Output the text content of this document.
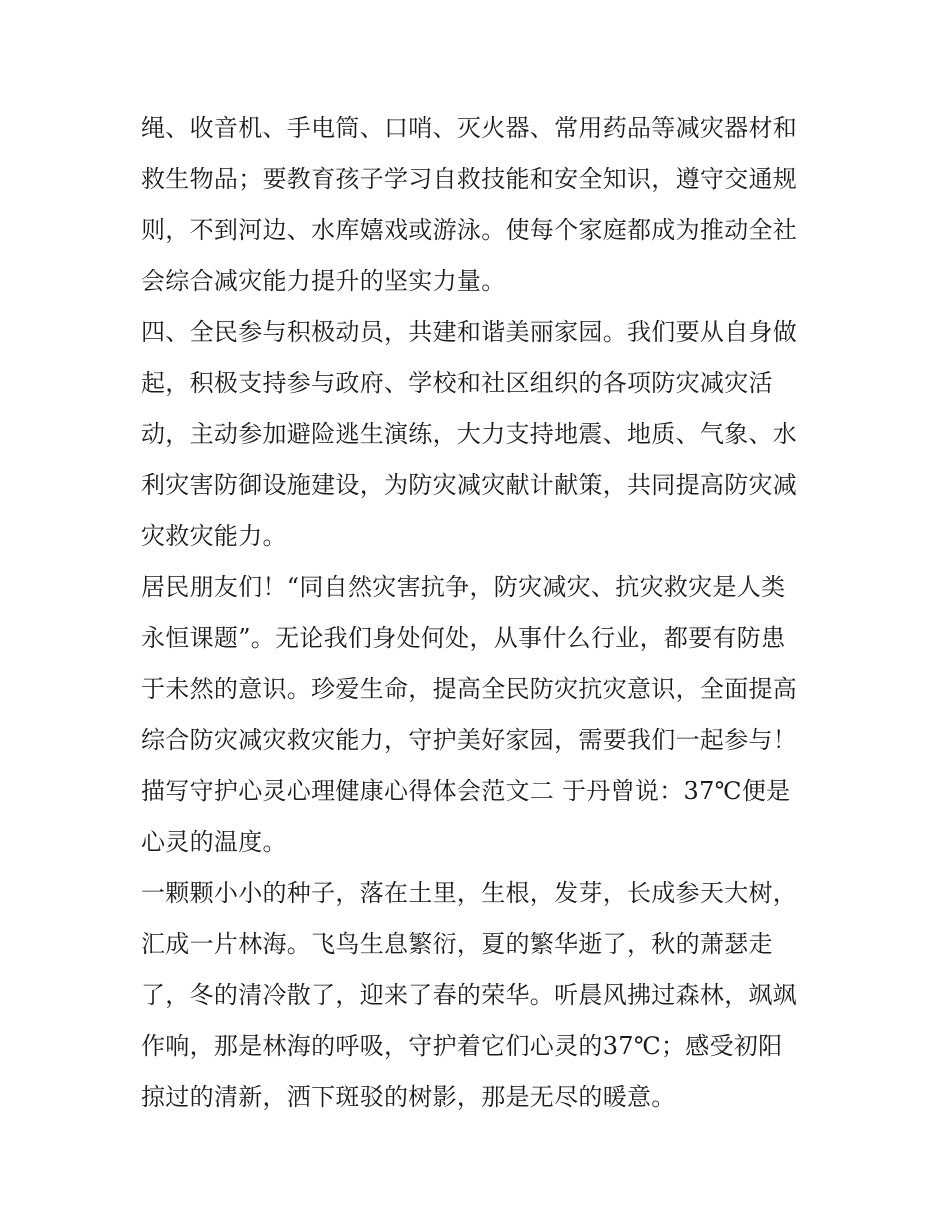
绳、收音机、手电筒、口哨、灭火器、常用药品等减灾器材和
救生物品；要教育孩子学习自救技能和安全知识，遵守交通规
则，不到河边、水库嬉戏或游泳。使每个家庭都成为推动全社
会综合减灾能力提升的坚实力量。
四、全民参与积极动员，共建和谐美丽家园。我们要从自身做
起，积极支持参与政府、学校和社区组织的各项防灾减灾活
动，主动参加避险逃生演练，大力支持地震、地质、气象、水
利灾害防御设施建设，为防灾减灾献计献策，共同提高防灾减
灾救灾能力。
居民朋友们！“同自然灾害抗争，防灾减灾、抗灾救灾是人类
永恒课题”。无论我们身处何处，从事什么行业，都要有防患
于未然的意识。珍爱生命，提高全民防灾抗灾意识，全面提高
综合防灾减灾救灾能力，守护美好家园，需要我们一起参与！
描写守护心灵心理健康心得体会范文二 于丹曾说：37℃便是
心灵的温度。
一颗颗小小的种子，落在土里，生根，发芽，长成参天大树，
汇成一片林海。飞鸟生息繁衍，夏的繁华逝了，秋的萧瑟走
了，冬的清冷散了，迎来了春的荣华。听晨风拂过森林，飒飒
作响，那是林海的呼吸，守护着它们心灵的37℃；感受初阳
掠过的清新，洒下斑驳的树影，那是无尽的暖意。
